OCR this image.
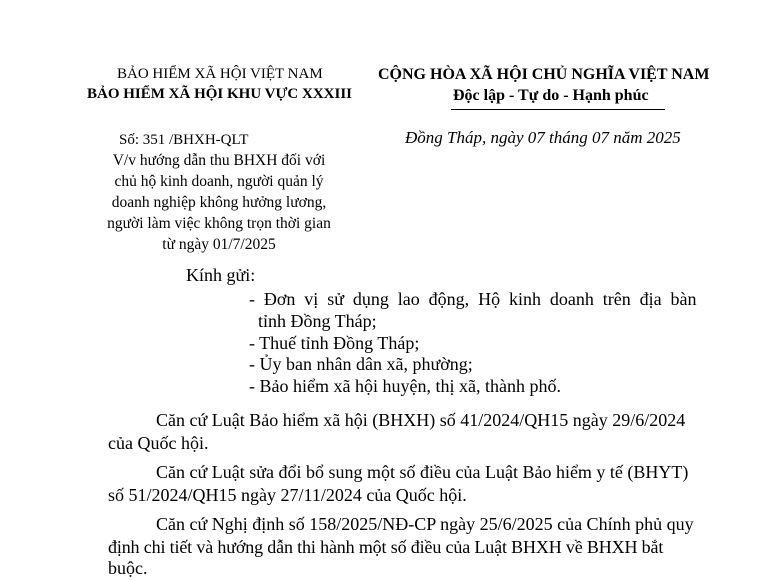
BẢO HIỂM XÃ HỘI VIỆT NAM
BẢO HIỂM XÃ HỘI KHU VỰC XXXIII
Số: 351 /BHXH-QLT
V/v hướng dẫn thu BHXH đối với
chủ hộ kinh doanh, người quản lý
doanh nghiệp không hưởng lương,
người làm việc không trọn thời gian
từ ngày 01/7/2025
CỘNG HÒA XÃ HỘI CHỦ NGHĨA VIỆT NAM
Độc lập - Tự do - Hạnh phúc
Đồng Tháp, ngày 07 tháng 07 năm 2025
Kính gửi:
- Đơn vị sử dụng lao động, Hộ kinh doanh trên địa bàn
tỉnh Đồng Tháp;
- Thuế tỉnh Đồng Tháp;
- Ủy ban nhân dân xã, phường;
- Bảo hiểm xã hội huyện, thị xã, thành phố.
Căn cứ Luật Bảo hiểm xã hội (BHXH) số 41/2024/QH15 ngày 29/6/2024
của Quốc hội.
Căn cứ Luật sửa đổi bổ sung một số điều của Luật Bảo hiểm y tế (BHYT)
số 51/2024/QH15 ngày 27/11/2024 của Quốc hội.
Căn cứ Nghị định số 158/2025/NĐ-CP ngày 25/6/2025 của Chính phủ quy
định chi tiết và hướng dẫn thi hành một số điều của Luật BHXH về BHXH bắt
buộc.
